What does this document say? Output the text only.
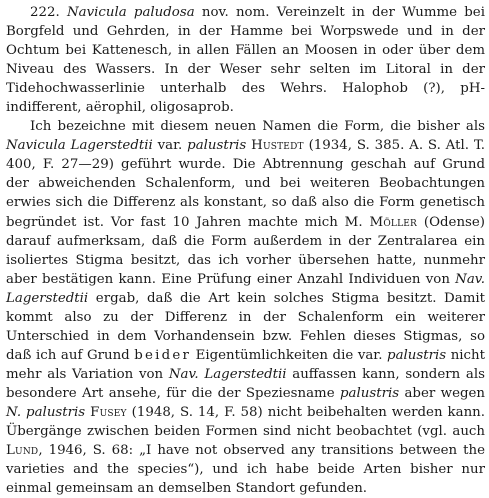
222. Navicula paludosa nov. nom. Vereinzelt in der Wumme bei Borgfeld und Gehrden, in der Hamme bei Worpswede und in der Ochtum bei Kattenesch, in allen Fällen an Moosen in oder über dem Niveau des Wassers. In der Weser sehr selten im Litoral in der Tidehochwasserlinie unterhalb des Wehrs. Halophob (?), pH-indifferent, aërophil, oligosaprob.

Ich bezeichne mit diesem neuen Namen die Form, die bisher als Navicula Lagerstedtii var. palustris Hustedt (1934, S. 385. A. S. Atl. T. 400, F. 27—29) geführt wurde. Die Abtrennung geschah auf Grund der abweichenden Schalenform, und bei weiteren Beobachtungen erwies sich die Differenz als konstant, so daß also die Form genetisch begründet ist. Vor fast 10 Jahren machte mich M. Möller (Odense) darauf aufmerksam, daß die Form außerdem in der Zentralarea ein isoliertes Stigma besitzt, das ich vorher übersehen hatte, nunmehr aber bestätigen kann. Eine Prüfung einer Anzahl Individuen von Nav. Lagerstedtii ergab, daß die Art kein solches Stigma besitzt. Damit kommt also zu der Differenz in der Schalenform ein weiterer Unterschied in dem Vorhandensein bzw. Fehlen dieses Stigmas, so daß ich auf Grund beider Eigentümlichkeiten die var. palustris nicht mehr als Variation von Nav. Lagerstedtii auffassen kann, sondern als besondere Art ansehe, für die der Speziesname palustris aber wegen N. palustris Fusey (1948, S. 14, F. 58) nicht beibehalten werden kann. Übergänge zwischen beiden Formen sind nicht beobachtet (vgl. auch Lund, 1946, S. 68: „I have not observed any transitions between the varieties and the species“), und ich habe beide Arten bisher nur einmal gemeinsam an demselben Standort gefunden.
